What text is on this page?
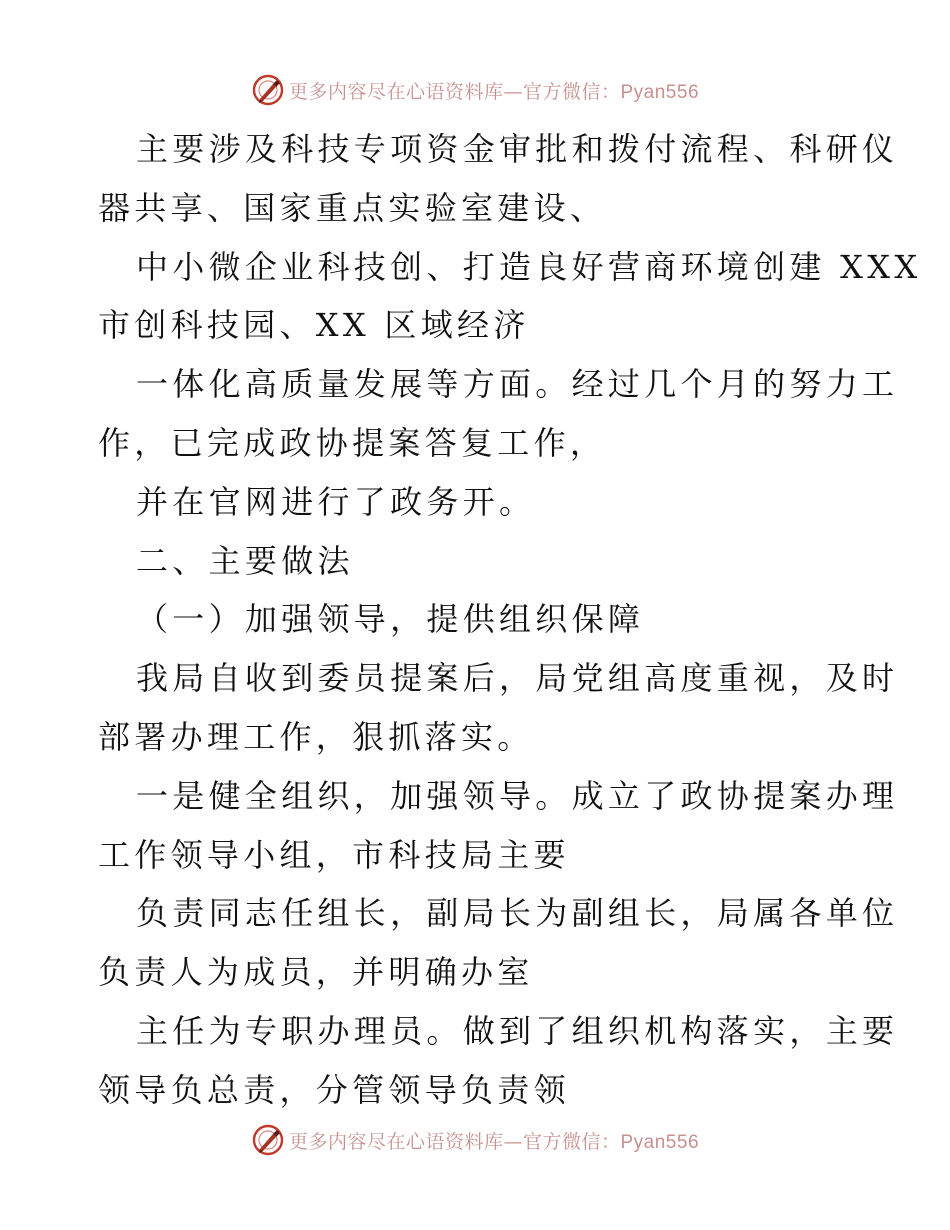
更多内容尽在心语资料库—官方微信：Pyan556
主要涉及科技专项资金审批和拨付流程、科研仪
器共享、国家重点实验室建设、
中小微企业科技创、打造良好营商环境创建 XXX
市创科技园、XX 区域经济
一体化高质量发展等方面。经过几个月的努力工
作，已完成政协提案答复工作，
并在官网进行了政务开。
二、主要做法
（一）加强领导，提供组织保障
我局自收到委员提案后，局党组高度重视，及时
部署办理工作，狠抓落实。
一是健全组织，加强领导。成立了政协提案办理
工作领导小组，市科技局主要
负责同志任组长，副局长为副组长，局属各单位
负责人为成员，并明确办室
主任为专职办理员。做到了组织机构落实，主要
领导负总责，分管领导负责领
更多内容尽在心语资料库—官方微信：Pyan556
